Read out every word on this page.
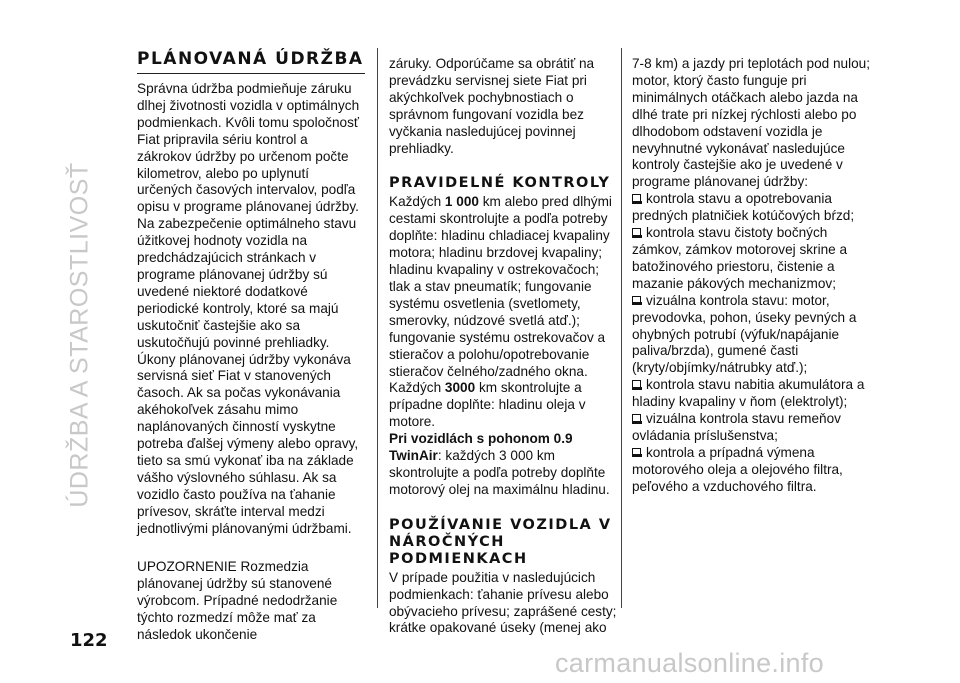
ÚDRŽBA A STAROSTLIVOSŤ
PLÁNOVANÁ ÚDRŽBA

Správna údržba podmieňuje záruku dlhej životnosti vozidla v optimálnych podmienkach. Kvôli tomu spoločnosť Fiat pripravila sériu kontrol a zákrokov údržby po určenom počte kilometrov, alebo po uplynutí určených časových intervalov, podľa opisu v programe plánovanej údržby.

Na zabezpečenie optimálneho stavu úžitkovej hodnoty vozidla na predchádzajúcich stránkach v programe plánovanej údržby sú uvedené niektoré dodatkové periodické kontroly, ktoré sa majú uskutočniť častejšie ako sa uskutočňujú povinné prehliadky. Úkony plánovanej údržby vykonáva servisná sieť Fiat v stanovených časoch. Ak sa počas vykonávania akéhokoľvek zásahu mimo naplánovaných činností vyskytne potreba ďalšej výmeny alebo opravy, tieto sa smú vykonať iba na základe vášho výslovného súhlasu. Ak sa vozidlo často používa na ťahanie prívesov, skráťte interval medzi jednotlivými plánovanými údržbami.

UPOZORNENIE Rozmedzia plánovanej údržby sú stanovené výrobcom. Prípadné nedodržanie týchto rozmedzí môže mať za následok ukončenie

záruky. Odporúčame sa obrátiť na prevádzku servisnej siete Fiat pri akýchkoľvek pochybnostiach o správnom fungovaní vozidla bez vyčkania nasledujúcej povinnej prehliadky.

PRAVIDELNÉ KONTROLY

Každých 1 000 km alebo pred dlhými cestami skontrolujte a podľa potreby doplňte: hladinu chladiacej kvapaliny motora; hladinu brzdovej kvapaliny; hladinu kvapaliny v ostrekovačoch; tlak a stav pneumatík; fungovanie systému osvetlenia (svetlomety, smerovky, núdzové svetlá atď.); fungovanie systému ostrekovačov a stieračov a polohu/opotrebovanie stieračov čelného/zadného okna.

Každých 3000 km skontrolujte a prípadne doplňte: hladinu oleja v motore.

Pri vozidlách s pohonom 0.9 TwinAir: každých 3 000 km skontrolujte a podľa potreby doplňte motorový olej na maximálnu hladinu.

POUŽÍVANIE VOZIDLA V NÁROČNÝCH PODMIENKACH

V prípade použitia v nasledujúcich podmienkach: ťahanie prívesu alebo obývacieho prívesu; zaprášené cesty; krátke opakované úseky (menej ako

7-8 km) a jazdy pri teplotách pod nulou; motor, ktorý často funguje pri minimálnych otáčkach alebo jazda na dlhé trate pri nízkej rýchlosti alebo po dlhodobom odstavení vozidla je nevyhnutné vykonávať nasledujúce kontroly častejšie ako je uvedené v programe plánovanej údržby:

kontrola stavu a opotrebovania predných platničiek kotúčových bŕzd;
kontrola stavu čistoty bočných zámkov, zámkov motorovej skrine a batožinového priestoru, čistenie a mazanie pákových mechanizmov;
vizuálna kontrola stavu: motor, prevodovka, pohon, úseky pevných a ohybných potrubí (výfuk/napájanie paliva/brzda), gumené časti (kryty/objímky/nátrubky atď.);
kontrola stavu nabitia akumulátora a hladiny kvapaliny v ňom (elektrolyt);
vizuálna kontrola stavu remeňov ovládania príslušenstva;
kontrola a prípadná výmena motorového oleja a olejového filtra, peľového a vzduchového filtra.
122
carmanualsonline.info
